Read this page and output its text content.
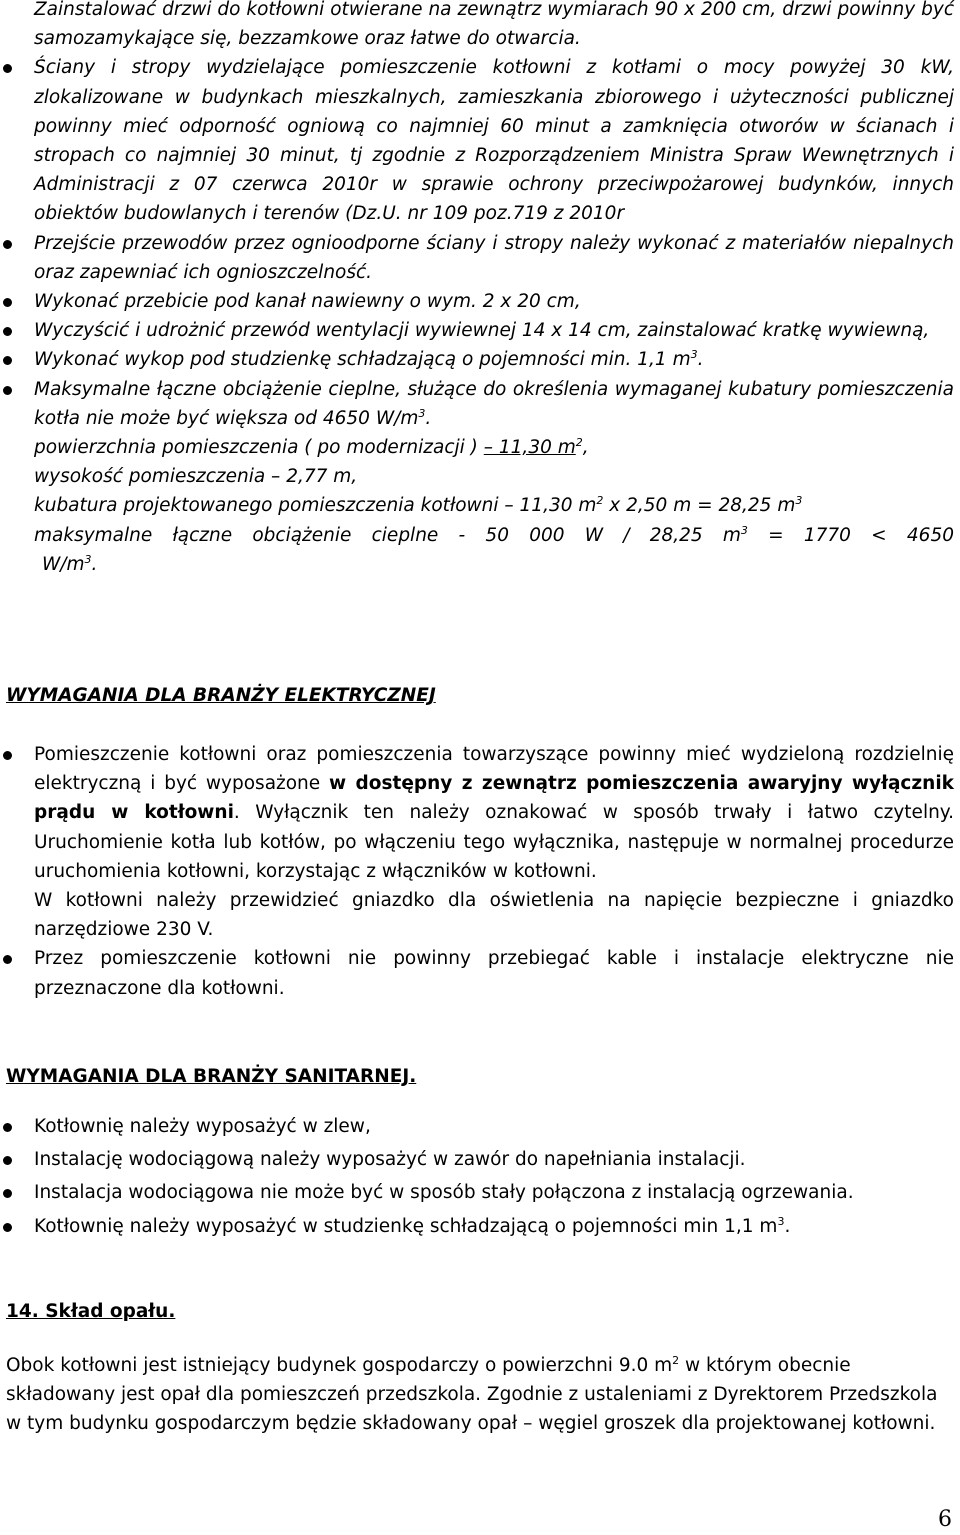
Zainstalować drzwi do kotłowni otwierane na zewnątrz wymiarach 90 x 200 cm, drzwi powinny być samozamykające się, bezzamkowe oraz łatwe do otwarcia.
Ściany i stropy wydzielające pomieszczenie kotłowni z kotłami o mocy powyżej 30 kW, zlokalizowane w budynkach mieszkalnych, zamieszkania zbiorowego i użyteczności publicznej powinny mieć odporność ogniową co najmniej 60 minut a zamknięcia otworów w ścianach i stropach co najmniej 30 minut, tj zgodnie z Rozporządzeniem Ministra Spraw Wewnętrznych i Administracji z 07 czerwca 2010r w sprawie ochrony przeciwpożarowej budynków, innych obiektów budowlanych i terenów (Dz.U. nr 109 poz.719 z 2010r
Przejście przewodów przez ognioodporne ściany i stropy należy wykonać z materiałów niepalnych oraz zapewniać ich ognioszczelność.
Wykonać przebicie pod kanał nawiewny o wym. 2 x 20 cm,
Wyczyścić i udrożnić przewód wentylacji wywiewnej 14 x 14 cm, zainstalować kratkę wywiewną,
Wykonać wykop pod studzienkę schładzającą o pojemności min. 1,1 $m^3$.
Maksymalne łączne obciążenie cieplne, służące do określenia wymaganej kubatury pomieszczenia kotła nie może być większa od 4650 $W/m^3$.
powierzchnia pomieszczenia ( po modernizacji ) – 11,30 $m^2$,
wysokość pomieszczenia – 2,77 m,
kubatura projektowanego pomieszczenia kotłowni – 11,30 $m^2$ x 2,50 m = 28,25 $m^3$
maksymalne łączne obciążenie cieplne - 50 000 W / 28,25 $m^3 = 1770 < 4650$
$W/m^3$.
WYMAGANIA DLA BRANŻY ELEKTRYCZNEJ
Pomieszczenie kotłowni oraz pomieszczenia towarzyszące powinny mieć wydzieloną rozdzielnię elektryczną i być wyposażone w dostępny z zewnątrz pomieszczenia awaryjny wyłącznik prądu w kotłowni. Wyłącznik ten należy oznakować w sposób trwały i łatwo czytelny. Uruchomienie kotła lub kotłów, po włączeniu tego wyłącznika, następuje w normalnej procedurze uruchomienia kotłowni, korzystając z włączników w kotłowni.
W kotłowni należy przewidzieć gniazdko dla oświetlenia na napięcie bezpieczne i gniazdko narzędziowe 230 V.
Przez pomieszczenie kotłowni nie powinny przebiegać kable i instalacje elektryczne nie przeznaczone dla kotłowni.
WYMAGANIA DLA BRANŻY SANITARNEJ.
Kotłownię należy wyposażyć w zlew,
Instalację wodociągową należy wyposażyć w zawór do napełniania instalacji.
Instalacja wodociągowa nie może być w sposób stały połączona z instalacją ogrzewania.
Kotłownię należy wyposażyć w studzienkę schładzającą o pojemności min 1,1 $m^3$.
14. Skład opału.
Obok kotłowni jest istniejący budynek gospodarczy o powierzchni 9.0 $m^2$ w którym obecnie składowany jest opał dla pomieszczeń przedszkola. Zgodnie z ustaleniami z Dyrektorem Przedszkola w tym budynku gospodarczym będzie składowany opał – węgiel groszek dla projektowanej kotłowni.
6
